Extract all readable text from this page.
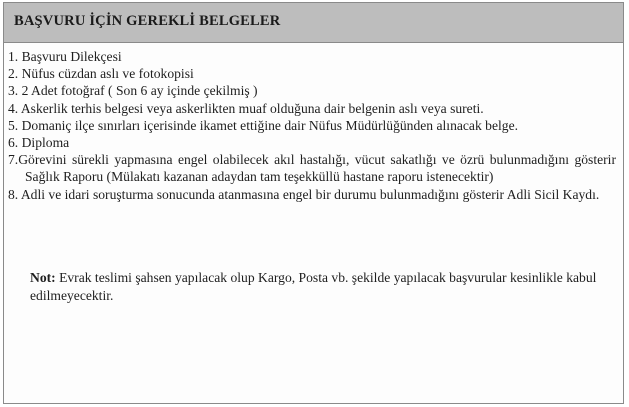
BAŞVURU İÇİN GEREKLİ BELGELER
1. Başvuru Dilekçesi
2. Nüfus cüzdan aslı ve fotokopisi
3. 2 Adet fotoğraf ( Son 6 ay içinde çekilmiş )
4. Askerlik terhis belgesi veya askerlikten muaf olduğuna dair belgenin aslı veya sureti.
5. Domaniç ilçe sınırları içerisinde ikamet ettiğine dair Nüfus Müdürlüğünden alınacak belge.
6. Diploma
7.Görevini sürekli yapmasına engel olabilecek akıl hastalığı, vücut sakatlığı ve özrü bulunmadığını gösterir Sağlık Raporu (Mülakatı kazanan adaydan tam teşekküllü hastane raporu istenecektir)
8. Adli ve idari soruşturma sonucunda atanmasına engel bir durumu bulunmadığını gösterir Adli Sicil Kaydı.
Not: Evrak teslimi şahsen yapılacak olup Kargo, Posta vb. şekilde yapılacak başvurular kesinlikle kabul edilmeyecektir.
